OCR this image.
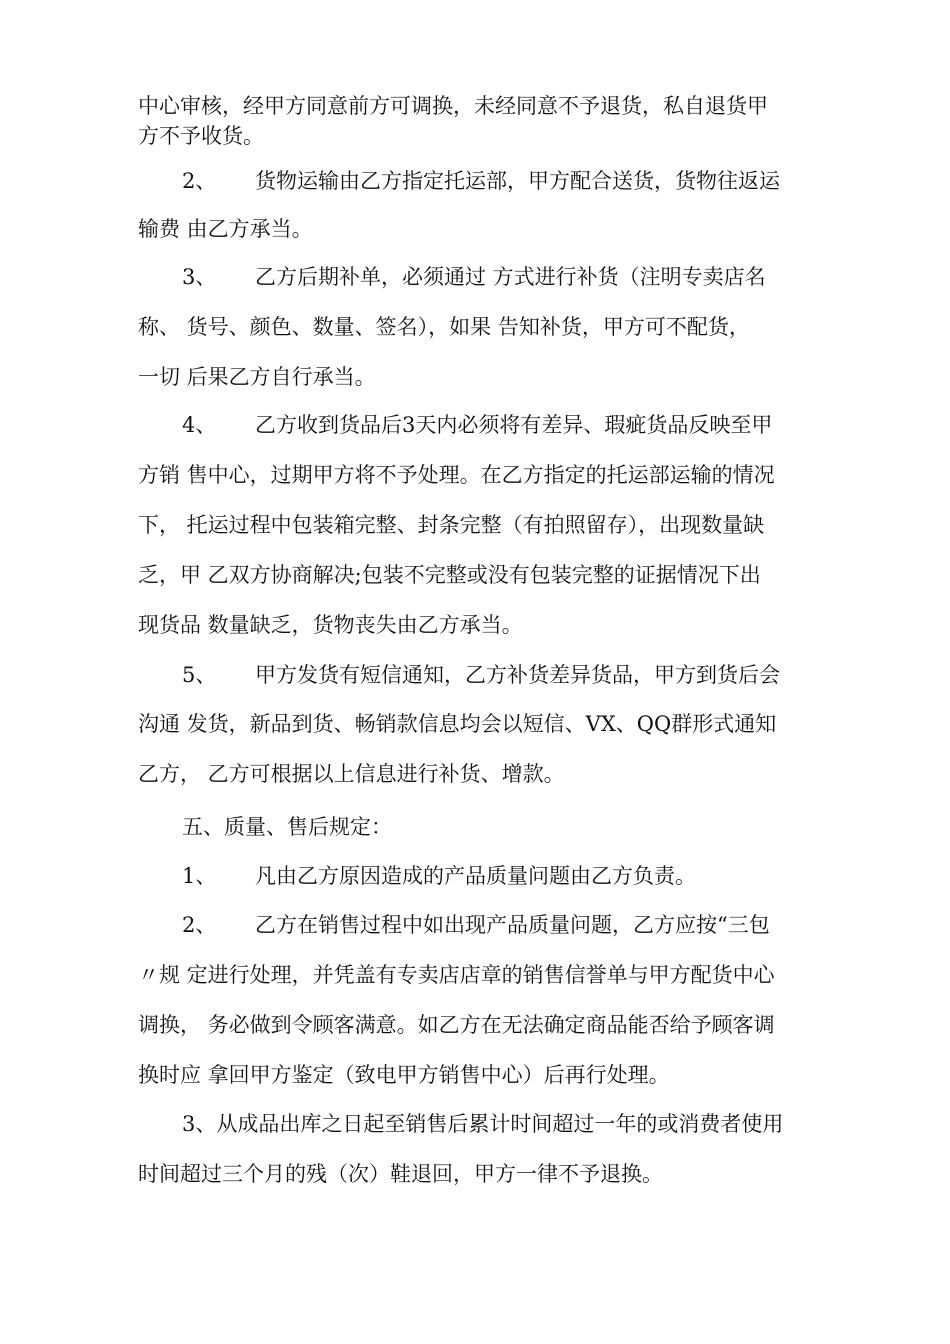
中心审核，经甲方同意前方可调换，未经同意不予退货，私自退货甲
方不予收货。
2、 货物运输由乙方指定托运部，甲方配合送货，货物往返运
输费 由乙方承当。
3、 乙方后期补单，必须通过 方式进行补货（注明专卖店名
称、 货号、颜色、数量、签名），如果 告知补货，甲方可不配货，
一切 后果乙方自行承当。
4、 乙方收到货品后3天内必须将有差异、瑕疵货品反映至甲
方销 售中心，过期甲方将不予处理。在乙方指定的托运部运输的情况
下， 托运过程中包装箱完整、封条完整（有拍照留存），出现数量缺
乏，甲 乙双方协商解决;包装不完整或没有包装完整的证据情况下出
现货品 数量缺乏，货物丧失由乙方承当。
5、 甲方发货有短信通知，乙方补货差异货品，甲方到货后会
沟通 发货，新品到货、畅销款信息均会以短信、VX、QQ群形式通知
乙方， 乙方可根据以上信息进行补货、增款。
五、质量、售后规定：
1、 凡由乙方原因造成的产品质量问题由乙方负责。
2、 乙方在销售过程中如出现产品质量问题，乙方应按“三包
〃规 定进行处理，并凭盖有专卖店店章的销售信誉单与甲方配货中心
调换， 务必做到令顾客满意。如乙方在无法确定商品能否给予顾客调
换时应 拿回甲方鉴定（致电甲方销售中心）后再行处理。
3、从成品出库之日起至销售后累计时间超过一年的或消费者使用
时间超过三个月的残（次）鞋退回，甲方一律不予退换。
